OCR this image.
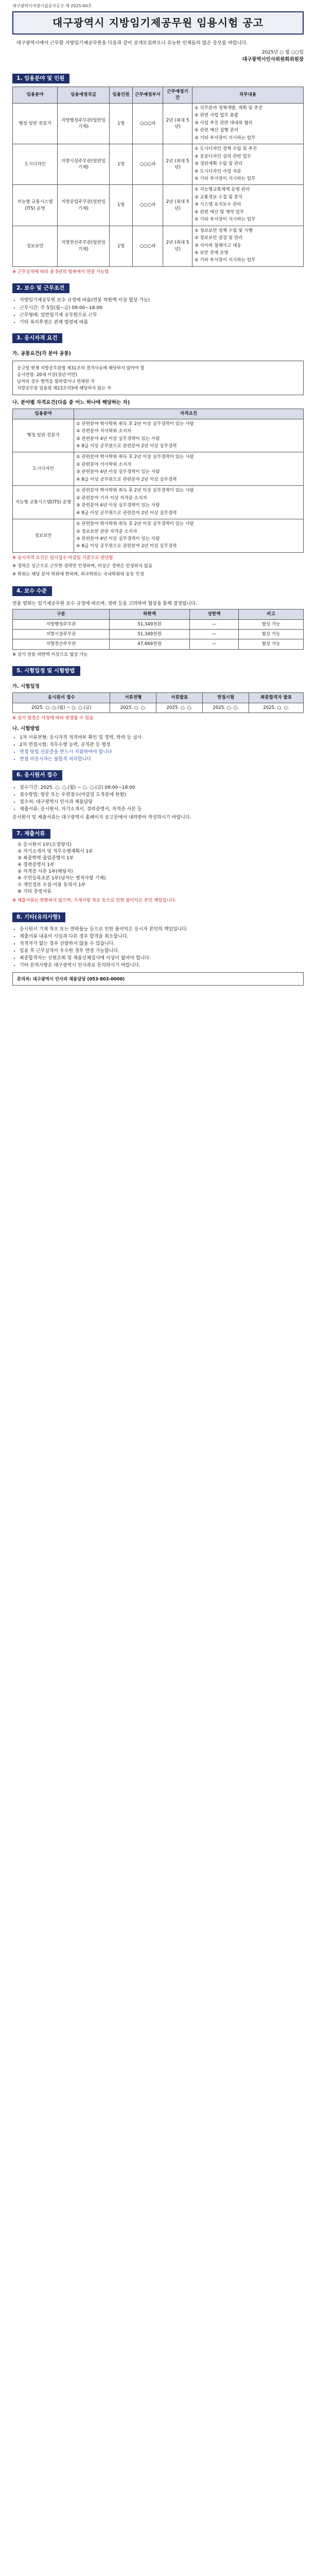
대구광역시지방시설공사공고 제 2025-00호
대구광역시 지방임기제공무원 임용시험 공고
대구광역시에서 근무할 지방임기제공무원을 다음과 같이 공개모집하오니 유능한 인재들의 많은 응모를 바랍니다.
2025년 ○ 월 ○○일
대구광역시인사위원회위원장
1. 임용분야 및 인원
임용분야	임용예정직급	임용인원	근무예정부서	근무예정기간	직무내용
행정 일반 전문가	지방행정주무관(일반임기제)	1명	○○○과	2년 (최대 5년)	① 직무분야 정책개발, 계획 및 추진
② 관련 사업 업무 총괄
③ 사업 추진 관련 대내외 협의
④ 관련 예산 집행 관리
⑤ 기타 부서장이 지시하는 업무

도시디자인	지방시설주무관(일반임기제)	1명	○○○과	2년 (최대 5년)	① 도시디자인 정책 수립 및 추진
② 공공디자인 심의 관련 업무
③ 경관계획 수립 및 관리
④ 도시디자인 사업 자문
⑤ 기타 부서장이 지시하는 업무

지능형 교통시스템(ITS) 운영	지방공업주무관(일반임기제)	1명	○○○과	2년 (최대 5년)	① 지능형교통체계 운영 관리
② 교통정보 수집 및 분석
③ 시스템 유지보수 관리
④ 관련 예산 및 계약 업무
⑤ 기타 부서장이 지시하는 업무

정보보안	지방전산주무관(일반임기제)	1명	○○○과	2년 (최대 5년)	① 정보보안 정책 수립 및 시행
② 정보보안 점검 및 관리
③ 사이버 침해사고 대응
④ 보안 관제 운영
⑤ 기타 부서장이 지시하는 업무
※ 근무실적에 따라 총 5년의 범위에서 연장 가능함
2. 보수 및 근무조건
• 지방임기제공무원 보수 규정에 따름(연봉 하한액 이상 협상 가능)
• 근무시간: 주 5일(월~금) 09:00~18:00
• 근무형태: 일반임기제 공무원으로 근무
• 기타 복리후생은 관계 법령에 따름
3. 응시자격 요건
가. 공통요건(각 분야 공통)
공고일 현재 지방공무원법 제31조의 결격사유에 해당하지 않아야 함
응시연령: 20세 이상(정년 미만)
남자의 경우 병역을 필하였거나 면제된 자
지방공무원 임용령 제13조의5에 해당하지 않는 자
나. 분야별 자격요건(다음 중 어느 하나에 해당하는 자)
임용분야	자격요건
행정 일반 전문가	① 관련분야 학사학위 취득 후 2년 이상 실무경력이 있는 사람
② 관련분야 석사학위 소지자
③ 관련분야 4년 이상 실무경력이 있는 사람
④ 8급 이상 공무원으로 관련분야 2년 이상 실무경력

도시디자인	① 관련분야 학사학위 취득 후 2년 이상 실무경력이 있는 사람
② 관련분야 석사학위 소지자
③ 관련분야 4년 이상 실무경력이 있는 사람
④ 8급 이상 공무원으로 관련분야 2년 이상 실무경력

지능형 교통시스템(ITS) 운영	① 관련분야 학사학위 취득 후 2년 이상 실무경력이 있는 사람
② 관련분야 기사 이상 자격증 소지자
③ 관련분야 4년 이상 실무경력이 있는 사람
④ 8급 이상 공무원으로 관련분야 2년 이상 실무경력

정보보안	① 관련분야 학사학위 취득 후 2년 이상 실무경력이 있는 사람
② 정보보안 관련 자격증 소지자
③ 관련분야 4년 이상 실무경력이 있는 사람
④ 8급 이상 공무원으로 관련분야 2년 이상 실무경력
※ 응시자격 요건은 원서접수 마감일 기준으로 판단함
※ 경력은 상근으로 근무한 경력만 인정하며, 비상근 경력은 인정하지 않음
※ 학위는 해당 분야 학위에 한하며, 외국학위는 국내학위와 동등 인정
4. 보수 수준
연봉 범위는 임기제공무원 보수 규정에 따르며, 경력 등을 고려하여 협상을 통해 결정됩니다.
구분	하한액	상한액	비고
지방행정주무관	51,349천원	—	협상 가능
지방시설주무관	51,349천원	—	협상 가능
지방전산주무관	47,669천원	—	협상 가능
※ 상기 연봉 하한액 이상으로 협상 가능
5. 시험일정 및 시험방법
가. 시험일정
응시원서 접수	서류전형	서류발표	면접시험	최종합격자 발표
2025. ○. ○.(월) ~ ○. ○.(금)	2025. ○. ○.	2025. ○. ○.	2025. ○. ○.	2025. ○. ○.
※ 상기 일정은 사정에 따라 변경될 수 있음
나. 시험방법
• 1차 서류전형: 응시자격 적격여부 확인 및 경력, 학력 등 심사
• 2차 면접시험: 직무수행 능력, 공직관 등 평정
• 면접 당일 신분증을 반드시 지참하여야 합니다
• 면접 미응시자는 불합격 처리합니다
6. 응시원서 접수
• 접수기간: 2025. ○. ○.(월) ~ ○. ○.(금) 09:00~18:00
• 접수방법: 방문 또는 우편접수(마감일 도착분에 한함)
• 접수처: 대구광역시 인사과 채용담당
• 제출서류: 응시원서, 자기소개서, 경력증명서, 자격증 사본 등
응시원서 및 제출서류는 대구광역시 홈페이지 공고문에서 내려받아 작성하시기 바랍니다.
7. 제출서류
① 응시원서 1부(소정양식)
② 자기소개서 및 직무수행계획서 1부
③ 최종학력 졸업증명서 1부
④ 경력증명서 1부
⑤ 자격증 사본 1부(해당자)
⑥ 주민등록초본 1부(남자는 병적사항 기재)
⑦ 개인정보 수집·이용 동의서 1부
⑧ 기타 증빙서류
※ 제출서류는 반환하지 않으며, 기재사항 착오 등으로 인한 불이익은 본인 책임입니다.
8. 기타(유의사항)
• 응시원서 기재 착오 또는 연락불능 등으로 인한 불이익은 응시자 본인의 책임입니다.
• 제출서류 내용이 사실과 다른 경우 합격을 취소합니다.
• 적격자가 없는 경우 선발하지 않을 수 있습니다.
• 임용 후 근무실적이 우수한 경우 연장 가능합니다.
• 최종합격자는 신원조회 및 채용신체검사에 이상이 없어야 합니다.
• 기타 문의사항은 대구광역시 인사과로 문의하시기 바랍니다.
문의처: 대구광역시 인사과 채용담당 (053-803-0000)
